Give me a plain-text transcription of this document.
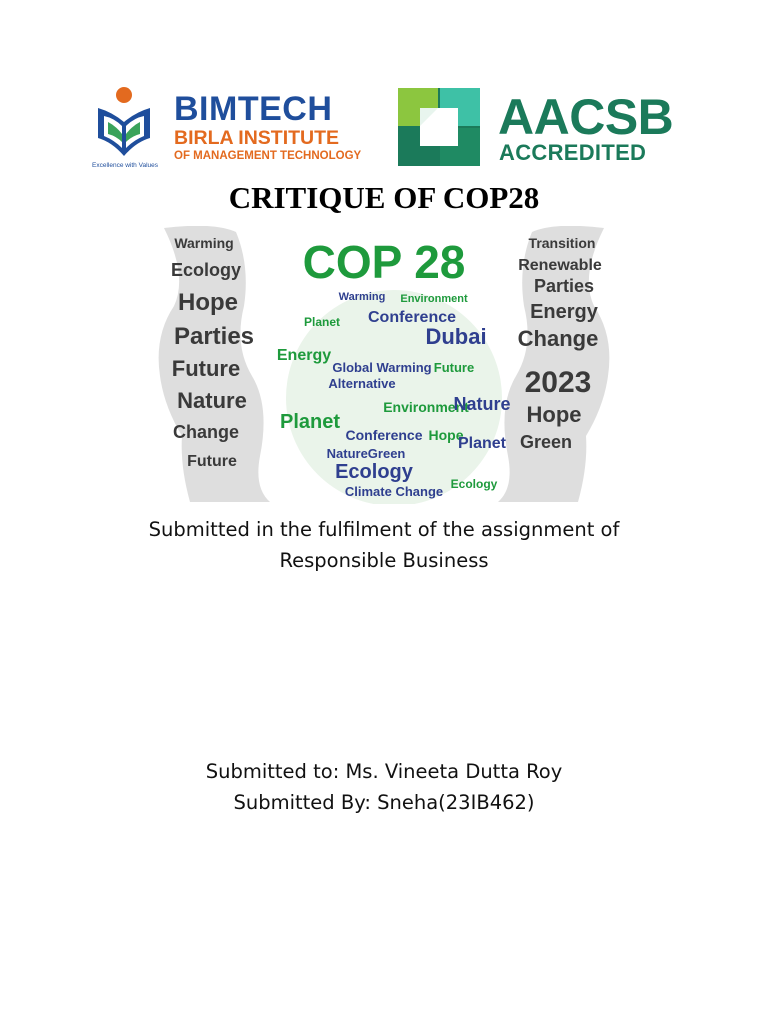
BIMTECH
BIRLA INSTITUTE
OF MANAGEMENT TECHNOLOGY
Excellence with Values
AACSB
ACCREDITED
CRITIQUE OF COP28
COP 28
Warming
Ecology
Hope
Parties
Future
Nature
Change
Future
Transition
Renewable
Parties
Energy
Change
2023
Hope
Green
Warming Environment
Conference
Planet
Energy
Dubai
Global Warming
Alternative
Environment
Nature
Planet
Hope
Planet
Conference
NatureGreen
Ecology
Climate Change
Future
Ecology
Submitted in the fulfilment of the assignment of
Responsible Business
Submitted to: Ms. Vineeta Dutta Roy
Submitted By: Sneha(23IB462)
